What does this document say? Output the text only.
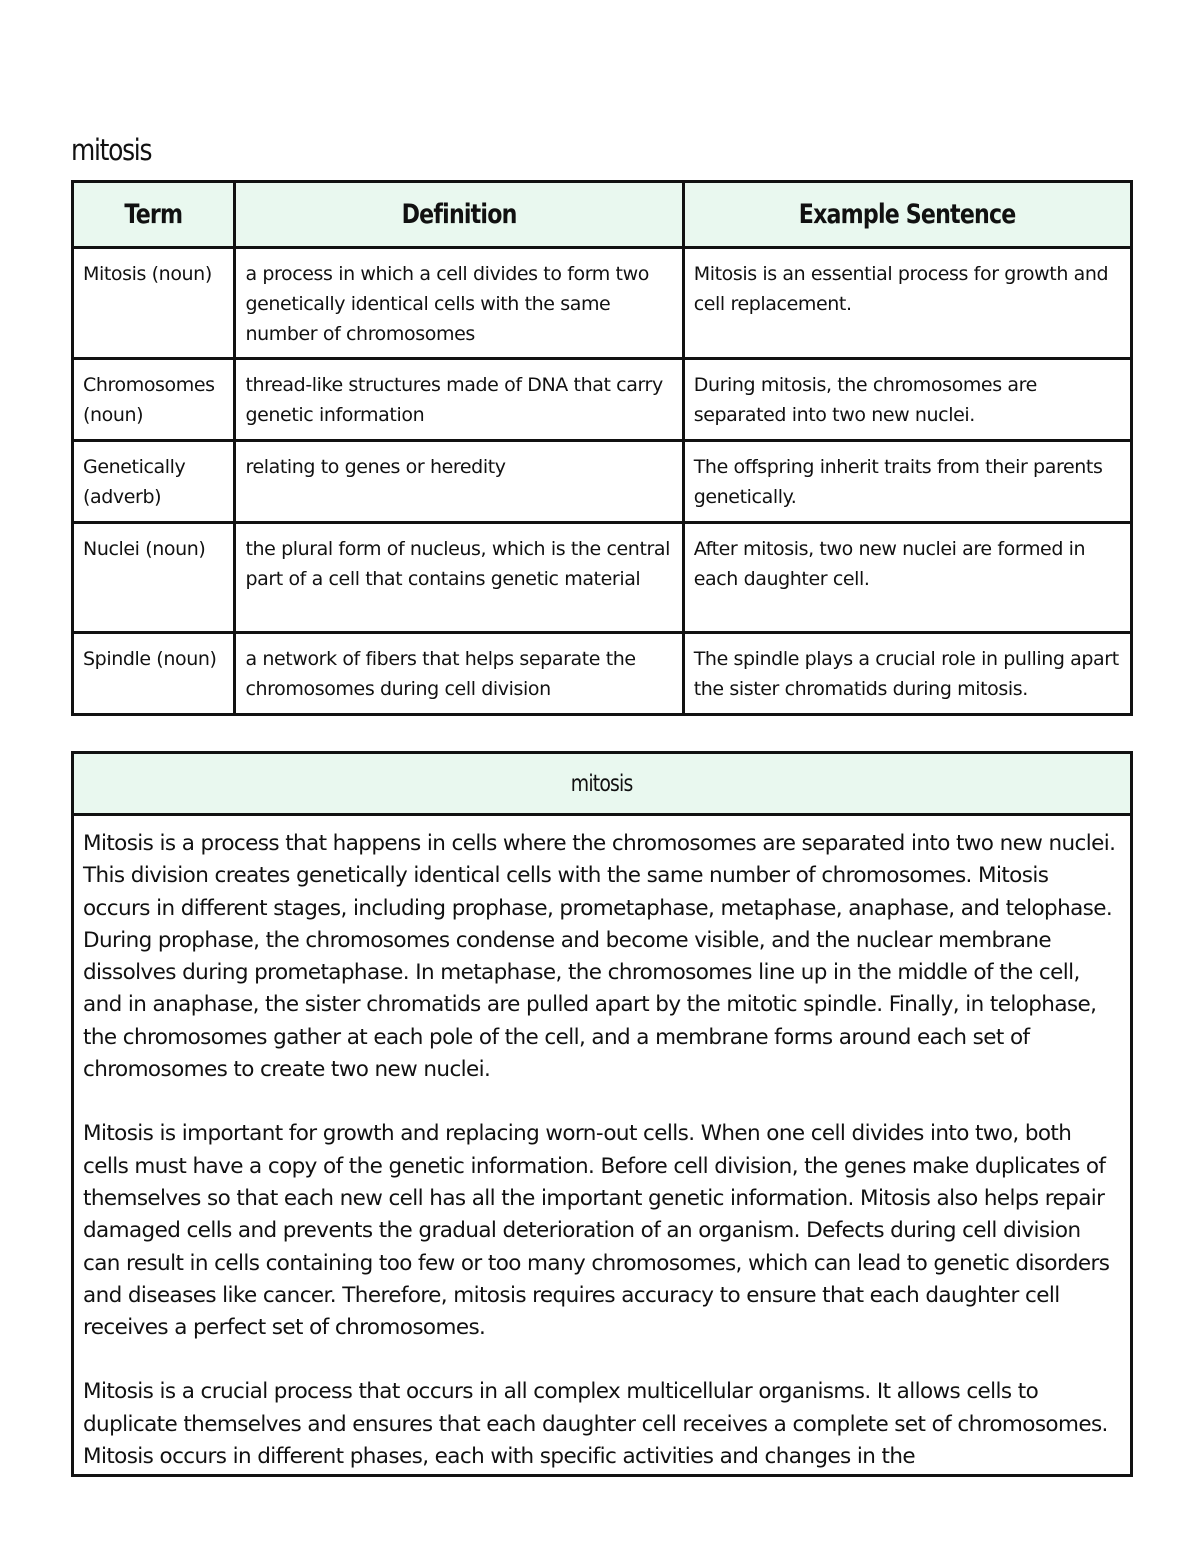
mitosis
Term	Definition	Example Sentence
Mitosis (noun)	a process in which a cell divides to form two genetically identical cells with the same number of chromosomes	Mitosis is an essential process for growth and cell replacement.
Chromosomes (noun)	thread-like structures made of DNA that carry genetic information	During mitosis, the chromosomes are separated into two new nuclei.
Genetically (adverb)	relating to genes or heredity	The offspring inherit traits from their parents genetically.
Nuclei (noun)	the plural form of nucleus, which is the central part of a cell that contains genetic material	After mitosis, two new nuclei are formed in each daughter cell.
Spindle (noun)	a network of fibers that helps separate the chromosomes during cell division	The spindle plays a crucial role in pulling apart the sister chromatids during mitosis.
mitosis

Mitosis is a process that happens in cells where the chromosomes are separated into two new nuclei. This division creates genetically identical cells with the same number of chromosomes. Mitosis occurs in different stages, including prophase, prometaphase, metaphase, anaphase, and telophase. During prophase, the chromosomes condense and become visible, and the nuclear membrane dissolves during prometaphase. In metaphase, the chromosomes line up in the middle of the cell, and in anaphase, the sister chromatids are pulled apart by the mitotic spindle. Finally, in telophase, the chromosomes gather at each pole of the cell, and a membrane forms around each set of chromosomes to create two new nuclei.

Mitosis is important for growth and replacing worn-out cells. When one cell divides into two, both cells must have a copy of the genetic information. Before cell division, the genes make duplicates of themselves so that each new cell has all the important genetic information. Mitosis also helps repair damaged cells and prevents the gradual deterioration of an organism. Defects during cell division can result in cells containing too few or too many chromosomes, which can lead to genetic disorders and diseases like cancer. Therefore, mitosis requires accuracy to ensure that each daughter cell receives a perfect set of chromosomes.

Mitosis is a crucial process that occurs in all complex multicellular organisms. It allows cells to duplicate themselves and ensures that each daughter cell receives a complete set of chromosomes. Mitosis occurs in different phases, each with specific activities and changes in the
